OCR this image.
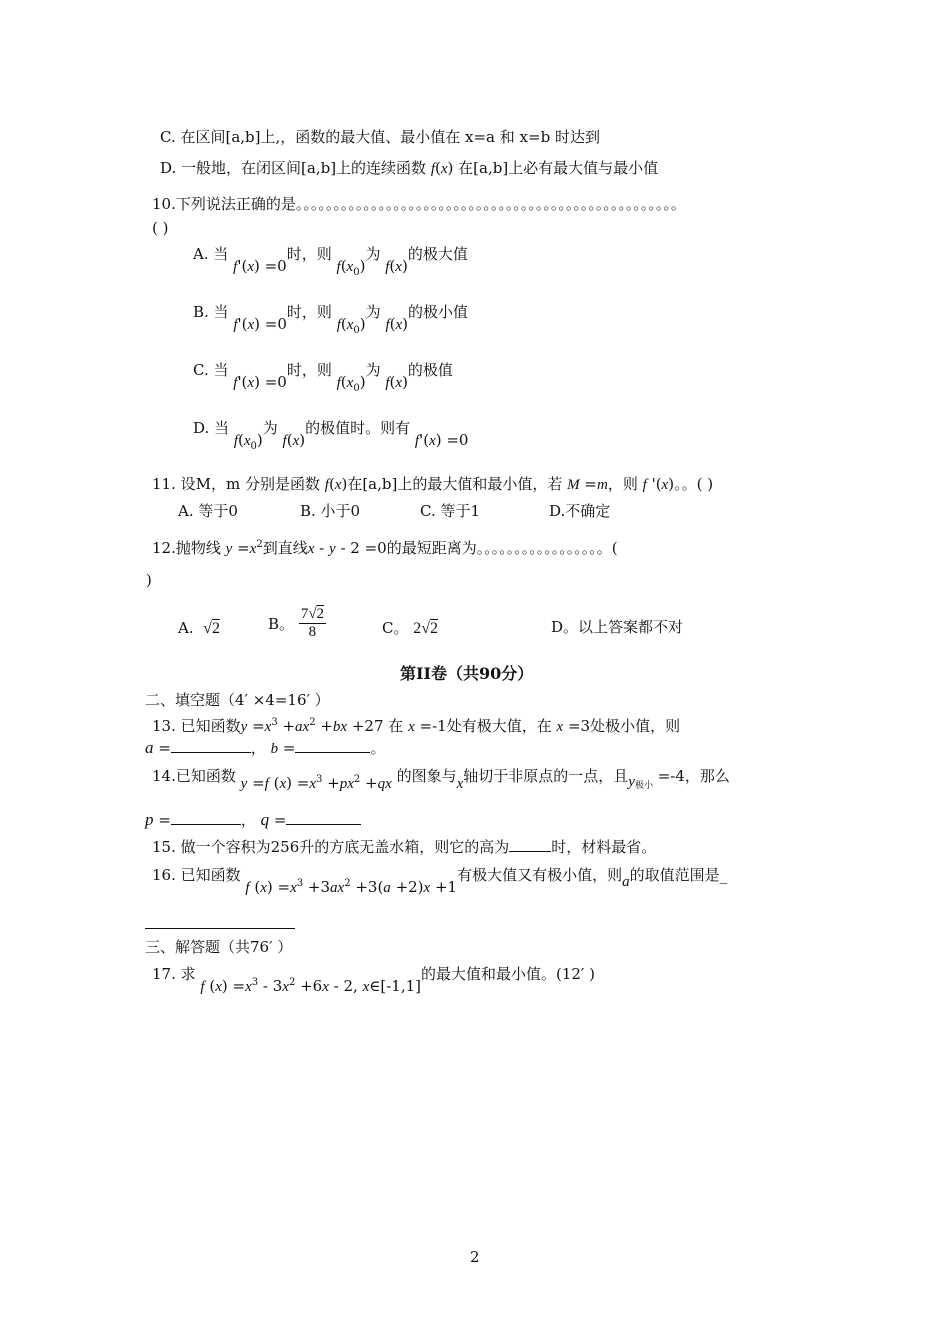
C. 在区间[a,b]上,，函数的最大值、最小值在 x=a 和 x=b 时达到
D. 一般地，在闭区间[a,b]上的连续函数 f(x) 在[a,b]上必有最大值与最小值
10.下列说法正确的是。。。。。。。。。。。。。。。。。。。。。。。。。。。。。。。。。。。。。。。。。。。。。。。。。。。
( )
A. 当 f'(x) =0时，则 $f(x_0)$为 f(x)的极大值
B. 当 f'(x) =0时，则 $f(x_0)$为 f(x)的极小值
C. 当 f'(x) =0时，则 $f(x_0)$为 f(x)的极值
D. 当 $f(x_0)$为 f(x)的极值时。则有 f'(x) =0
11. 设M，m 分别是函数 f(x)在[a,b]上的最大值和最小值，若 M =m，则 f '(x)。。( )
A. 等于0	B. 小于0	C. 等于1	D.不确定
12.抛物线 $y =x^2$到直线x - y - 2 =0的最短距离为。。。。。。。。。。。。。。。。。(
)
A. √2	B。 $\frac{7√2}{8}$	C。 2√2	D。以上答案都不对
第II卷（共90分）
二、填空题（4′ ×4=16′ ）
13. 已知函数$y =x^3 +ax^2 +bx +27$ 在 x =-1处有极大值，在 x =3处极小值，则
a =	， b =	。
14.已知函数 y =f $(x) =x^3 +px^2 +qx$ 的图象与x轴切于非原点的一点，且$y_{极小} =-4$，那么
p =	， q =
15. 做一个容积为256升的方底无盖水箱，则它的高为	时，材料最省。
16. 已知函数 f $(x) =x^3 +3ax^2 +3(a +2)x +1$有极大值又有极小值，则a的取值范围是_
三、解答题（共76′ ）
17. 求 f $(x) =x^3 - 3x^2 +6x - 2$, x∈[-1,1]的最大值和最小值。(12′ )
2
